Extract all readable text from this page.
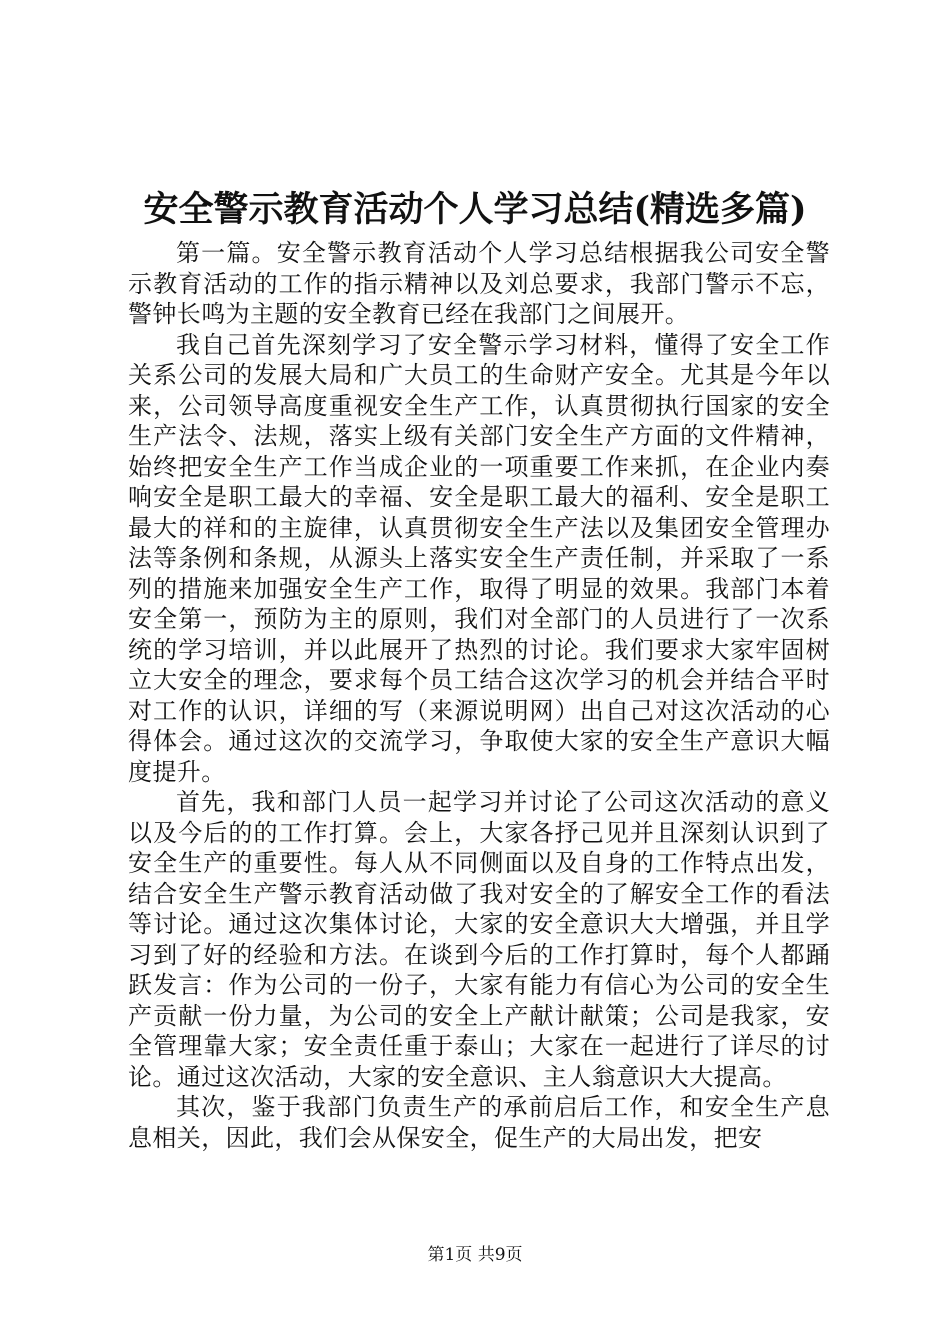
安全警示教育活动个人学习总结(精选多篇)

第一篇。安全警示教育活动个人学习总结根据我公司安全警示教育活动的工作的指示精神以及刘总要求，我部门警示不忘，警钟长鸣为主题的安全教育已经在我部门之间展开。

我自己首先深刻学习了安全警示学习材料，懂得了安全工作关系公司的发展大局和广大员工的生命财产安全。尤其是今年以来，公司领导高度重视安全生产工作，认真贯彻执行国家的安全生产法令、法规，落实上级有关部门安全生产方面的文件精神，始终把安全生产工作当成企业的一项重要工作来抓，在企业内奏响安全是职工最大的幸福、安全是职工最大的福利、安全是职工最大的祥和的主旋律，认真贯彻安全生产法以及集团安全管理办法等条例和条规，从源头上落实安全生产责任制，并采取了一系列的措施来加强安全生产工作，取得了明显的效果。我部门本着安全第一，预防为主的原则，我们对全部门的人员进行了一次系统的学习培训，并以此展开了热烈的讨论。我们要求大家牢固树立大安全的理念，要求每个员工结合这次学习的机会并结合平时对工作的认识，详细的写（来源说明网）出自己对这次活动的心得体会。通过这次的交流学习，争取使大家的安全生产意识大幅度提升。

首先，我和部门人员一起学习并讨论了公司这次活动的意义以及今后的的工作打算。会上，大家各抒己见并且深刻认识到了安全生产的重要性。每人从不同侧面以及自身的工作特点出发，结合安全生产警示教育活动做了我对安全的了解安全工作的看法等讨论。通过这次集体讨论，大家的安全意识大大增强，并且学习到了好的经验和方法。在谈到今后的工作打算时，每个人都踊跃发言：作为公司的一份子，大家有能力有信心为公司的安全生产贡献一份力量，为公司的安全上产献计献策；公司是我家，安全管理靠大家；安全责任重于泰山；大家在一起进行了详尽的讨论。通过这次活动，大家的安全意识、主人翁意识大大提高。

其次，鉴于我部门负责生产的承前启后工作，和安全生产息息相关，因此，我们会从保安全，促生产的大局出发，把安

第1页 共9页
